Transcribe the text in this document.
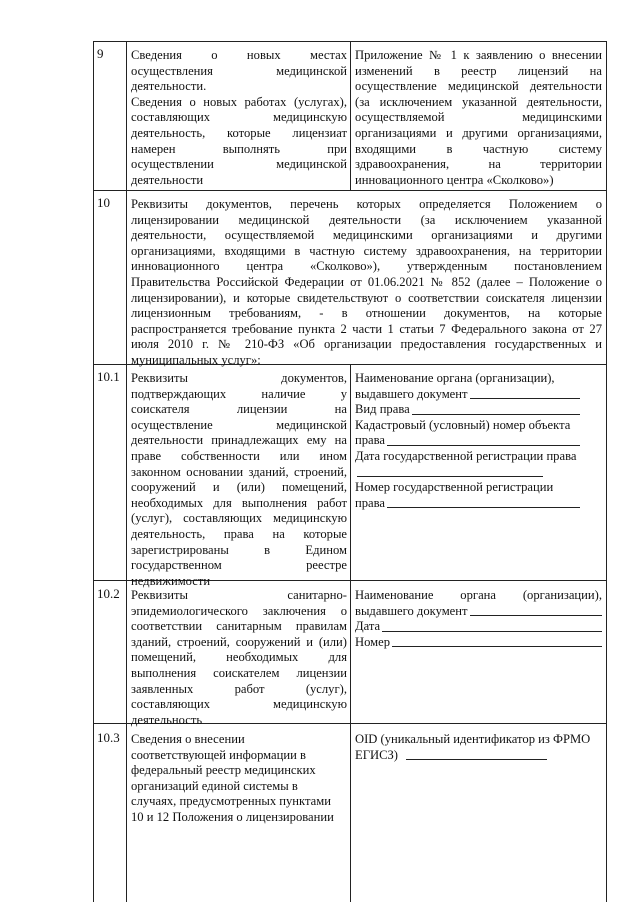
9 Сведения о новых местах

осуществления медицинской

деятельности.

Сведения о новых работах (услугах),

составляющих медицинскую

деятельность, которые лицензиат

намерен выполнять при

осуществлении медицинской

деятельности

Приложение № 1 к заявлению о внесении

изменений в реестр лицензий на

осуществление медицинской деятельности

(за исключением указанной деятельности,

осуществляемой медицинскими

организациями и другими организациями,

входящими в частную систему

здравоохранения, на территории

инновационного центра «Сколково»)

10 Реквизиты документов, перечень которых определяется Положением о

лицензировании медицинской деятельности (за исключением указанной

деятельности, осуществляемой медицинскими организациями и другими

организациями, входящими в частную систему здравоохранения, на территории

инновационного центра «Сколково»), утвержденным постановлением

Правительства Российской Федерации от 01.06.2021 № 852 (далее – Положение о

лицензировании), и которые свидетельствуют о соответствии соискателя лицензии

лицензионным требованиям, - в отношении документов, на которые

распространяется требование пункта 2 части 1 статьи 7 Федерального закона от 27

июля 2010 г. № 210-ФЗ «Об организации предоставления государственных и

муниципальных услуг»:

10.1 Реквизиты документов,

подтверждающих наличие у

соискателя лицензии на

осуществление медицинской

деятельности принадлежащих ему на

праве собственности или ином

законном основании зданий, строений,

сооружений и (или) помещений,

необходимых для выполнения работ

(услуг), составляющих медицинскую

деятельность, права на которые

зарегистрированы в Едином

государственном реестре

недвижимости

Наименование органа (организации),

выдавшего документ
Вид права

Кадастровый (условный) номер объекта

права

Дата государственной регистрации права

Номер государственной регистрации

права
10.2 Реквизиты санитарно-

эпидемиологического заключения о

соответствии санитарным правилам

зданий, строений, сооружений и (или)

помещений, необходимых для

выполнения соискателем лицензии

заявленных работ (услуг),

составляющих медицинскую

деятельность

Наименование органа (организации),

выдавшего документ
Дата
Номер
10.3 Сведения о внесении

соответствующей информации в

федеральный реестр медицинских

организаций единой системы в

случаях, предусмотренных пунктами

10 и 12 Положения о лицензировании

OID (уникальный идентификатор из ФРМО

ЕГИСЗ)
